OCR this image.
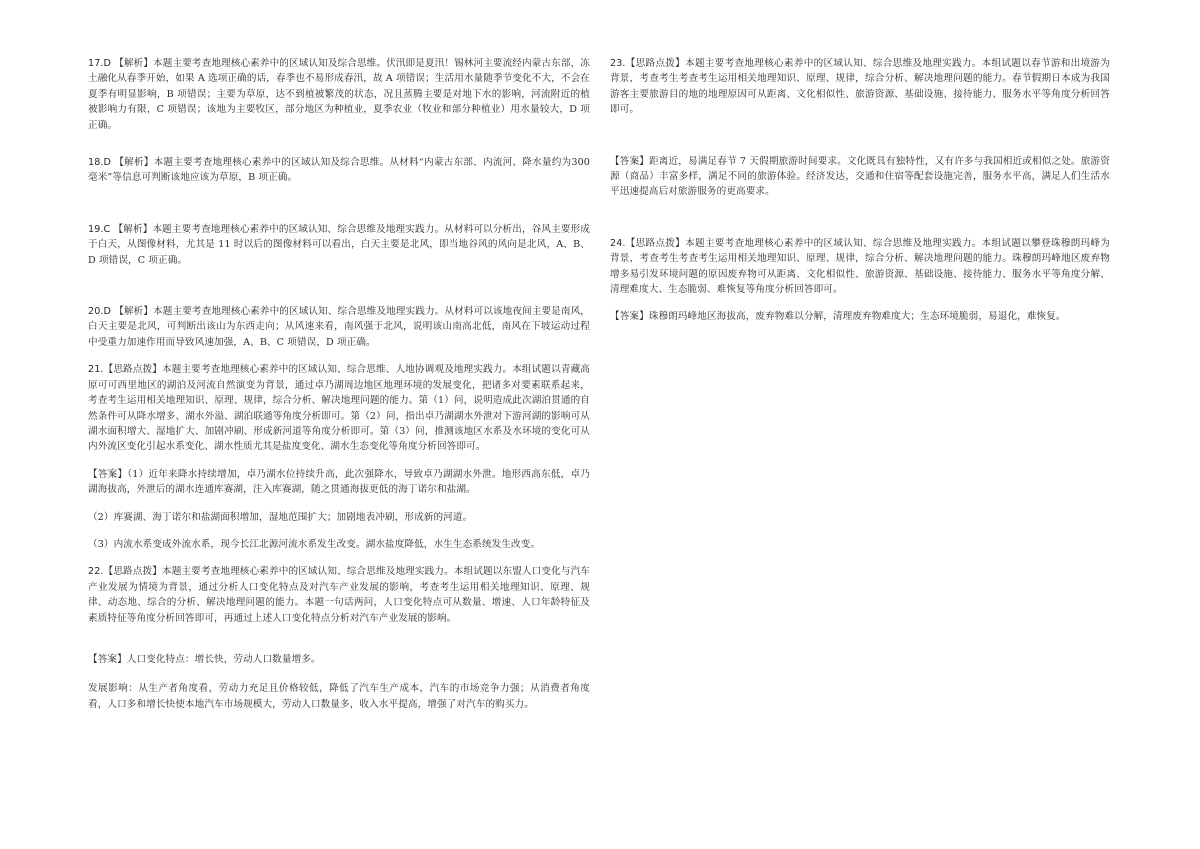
17.D 【解析】本题主要考查地理核心素养中的区域认知及综合思维。伏汛即是夏汛！锡林河主要流经内蒙古东部，冻土融化从春季开始，如果 A 选项正确的话，春季也不易形成春汛，故 A 项错误；生活用水量随季节变化不大，不会在夏季有明显影响，B 项错误；主要为草原，达不到植被繁茂的状态，况且蒸腾主要是对地下水的影响，河流附近的植被影响力有限，C 项错误；该地为主要牧区，部分地区为种植业，夏季农业（牧业和部分种植业）用水量较大，D 项正确。

18.D 【解析】本题主要考查地理核心素养中的区域认知及综合思维。从材料“内蒙古东部、内流河、降水量约为300 毫米”等信息可判断该地应该为草原，B 项正确。

19.C 【解析】本题主要考查地理核心素养中的区域认知、综合思维及地理实践力。从材料可以分析出，谷风主要形成于白天，从图像材料，尤其是 11 时以后的图像材料可以看出，白天主要是北风，即当地谷风的风向是北风，A、B、D 项错误，C 项正确。

20.D 【解析】本题主要考查地理核心素养中的区域认知、综合思维及地理实践力。从材料可以该地夜间主要是南风，白天主要是北风，可判断出该山为东西走向；从风速来看，南风强于北风，说明该山南高北低，南风在下坡运动过程中受重力加速作用而导致风速加强，A、B、C 项错误，D 项正确。

21.【思路点拨】本题主要考查地理核心素养中的区域认知、综合思维、人地协调观及地理实践力。本组试题以青藏高原可可西里地区的湖泊及河流自然演变为背景，通过卓乃湖周边地区地理环境的发展变化，把诸多对要素联系起来，考查考生运用相关地理知识、原理、规律，综合分析、解决地理问题的能力。第（1）问，说明造成此次湖泊贯通的自然条件可从降水增多、湖水外溢、湖泊联通等角度分析即可。第（2）问，指出卓乃湖湖水外泄对下游河湖的影响可从湖水面积增大、湿地扩大、加剧冲刷、形成新河道等角度分析即可。第（3）问，推测该地区水系及水环境的变化可从内外流区变化引起水系变化、湖水性质尤其是盐度变化、湖水生态变化等角度分析回答即可。

【答案】（1）近年来降水持续增加，卓乃湖水位持续升高，此次强降水，导致卓乃湖湖水外泄。地形西高东低，卓乃湖海拔高，外泄后的湖水连通库赛湖，注入库赛湖，随之贯通海拔更低的海丁诺尔和盐湖。

（2）库赛湖、海丁诺尔和盐湖面积增加，湿地范围扩大；加剧地表冲刷，形成新的河道。

（3）内流水系变成外流水系，现今长江北源河流水系发生改变。湖水盐度降低，水生生态系统发生改变。

22.【思路点拨】本题主要考查地理核心素养中的区域认知、综合思维及地理实践力。本组试题以东盟人口变化与汽车产业发展为情境为背景，通过分析人口变化特点及对汽车产业发展的影响，考查考生运用相关地理知识、原理、规律、动态地、综合的分析、解决地理问题的能力。本题一句话两问，人口变化特点可从数量、增速、人口年龄特征及素质特征等角度分析回答即可，再通过上述人口变化特点分析对汽车产业发展的影响。

【答案】人口变化特点：增长快，劳动人口数量增多。

发展影响：从生产者角度看，劳动力充足且价格较低，降低了汽车生产成本，汽车的市场竞争力强；从消费者角度看，人口多和增长快使本地汽车市场规模大，劳动人口数量多，收入水平提高，增强了对汽车的购买力。

23.【思路点拨】本题主要考查地理核心素养中的区域认知、综合思维及地理实践力。本组试题以春节游和出境游为背景，考查考生考查考生运用相关地理知识、原理、规律，综合分析、解决地理问题的能力。春节假期日本成为我国游客主要旅游目的地的地理原因可从距离、文化相似性、旅游资源、基础设施、接待能力、服务水平等角度分析回答即可。

【答案】距离近，易满足春节 7 天假期旅游时间要求。文化既具有独特性，又有许多与我国相近或相似之处。旅游资源（商品）丰富多样，满足不同的旅游体验。经济发达，交通和住宿等配套设施完善，服务水平高，满足人们生活水平迅速提高后对旅游服务的更高要求。

24.【思路点拨】本题主要考查地理核心素养中的区域认知、综合思维及地理实践力。本组试题以攀登珠穆朗玛峰为背景，考查考生考查考生运用相关地理知识、原理、规律，综合分析、解决地理问题的能力。珠穆朗玛峰地区废弃物增多易引发环境问题的原因废弃物可从距离、文化相似性、旅游资源、基础设施、接待能力、服务水平等角度分解、清理难度大、生态脆弱、难恢复等角度分析回答即可。

【答案】珠穆朗玛峰地区海拔高，废弃物难以分解，清理废弃物难度大；生态环境脆弱，易退化，难恢复。
